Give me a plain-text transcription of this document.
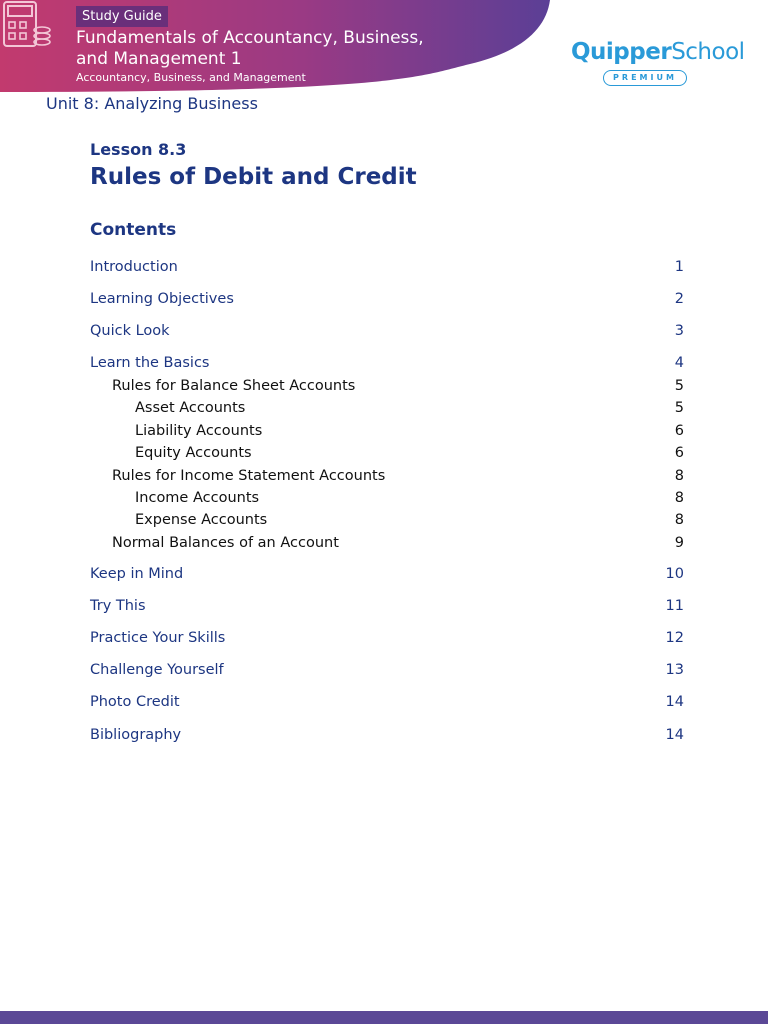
Study Guide
Fundamentals of Accountancy, Business, and Management 1
Accountancy, Business, and Management
QuipperSchool
PREMIUM
Unit 8: Analyzing Business
Lesson 8.3
Rules of Debit and Credit
Contents
Introduction	1
Learning Objectives	2
Quick Look	3
Learn the Basics	4
Rules for Balance Sheet Accounts	5
Asset Accounts	5
Liability Accounts	6
Equity Accounts	6
Rules for Income Statement Accounts	8
Income Accounts	8
Expense Accounts	8
Normal Balances of an Account	9
Keep in Mind	10
Try This	11
Practice Your Skills	12
Challenge Yourself	13
Photo Credit	14
Bibliography	14
